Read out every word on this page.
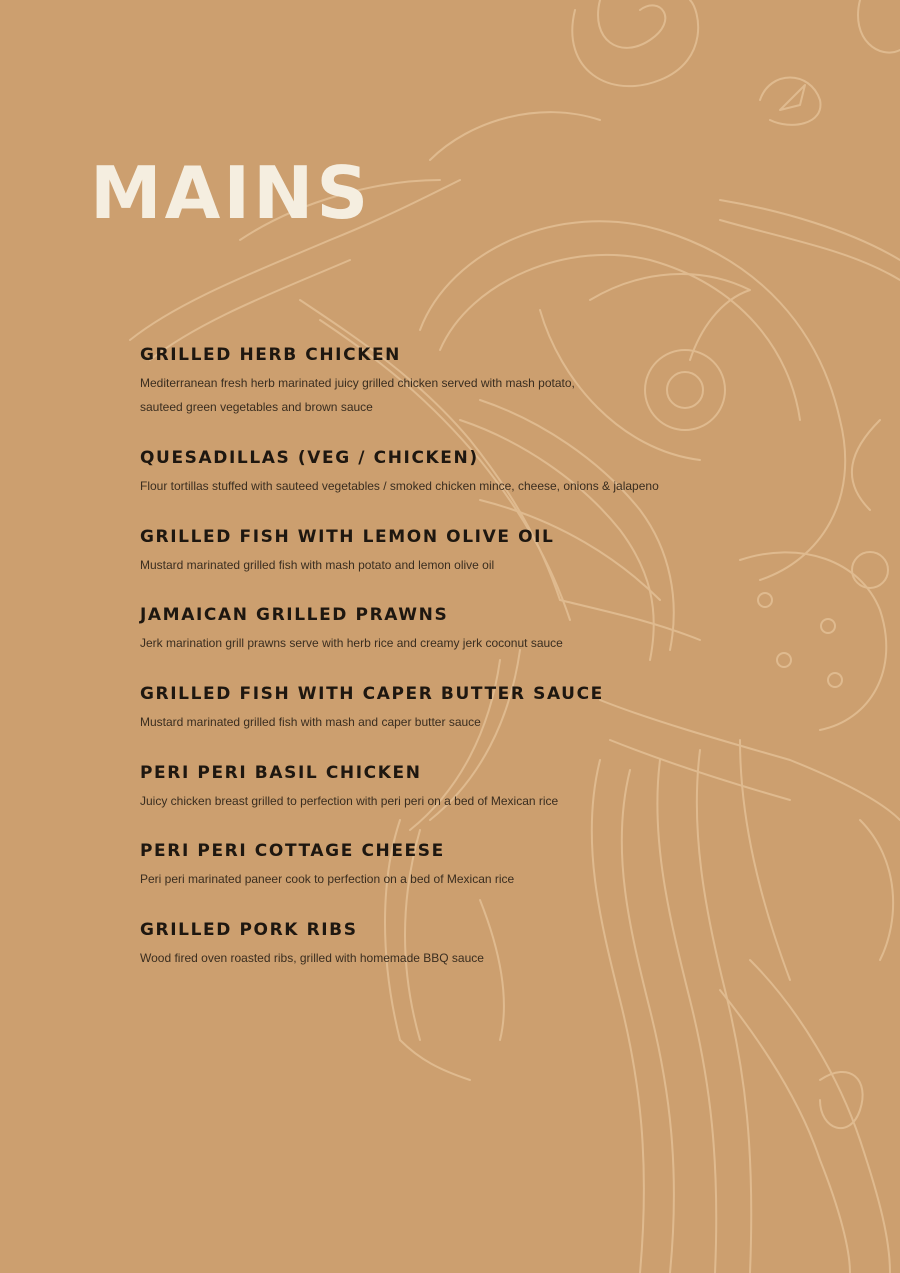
MAINS
GRILLED HERB CHICKEN
Mediterranean fresh herb marinated juicy grilled chicken served with mash potato,
sauteed green vegetables and brown sauce
QUESADILLAS (VEG / CHICKEN)
Flour tortillas stuffed with sauteed vegetables / smoked chicken mince, cheese, onions & jalapeno
GRILLED FISH WITH LEMON OLIVE OIL
Mustard marinated grilled fish with mash potato and lemon olive oil
JAMAICAN GRILLED PRAWNS
Jerk marination grill prawns serve with herb rice and creamy jerk coconut sauce
GRILLED FISH WITH CAPER BUTTER SAUCE
Mustard marinated grilled fish with mash and caper butter sauce
PERI PERI BASIL CHICKEN
Juicy chicken breast grilled to perfection with peri peri on a bed of Mexican rice
PERI PERI COTTAGE CHEESE
Peri peri marinated paneer cook to perfection on a bed of Mexican rice
GRILLED PORK RIBS
Wood fired oven roasted ribs, grilled with homemade BBQ sauce
